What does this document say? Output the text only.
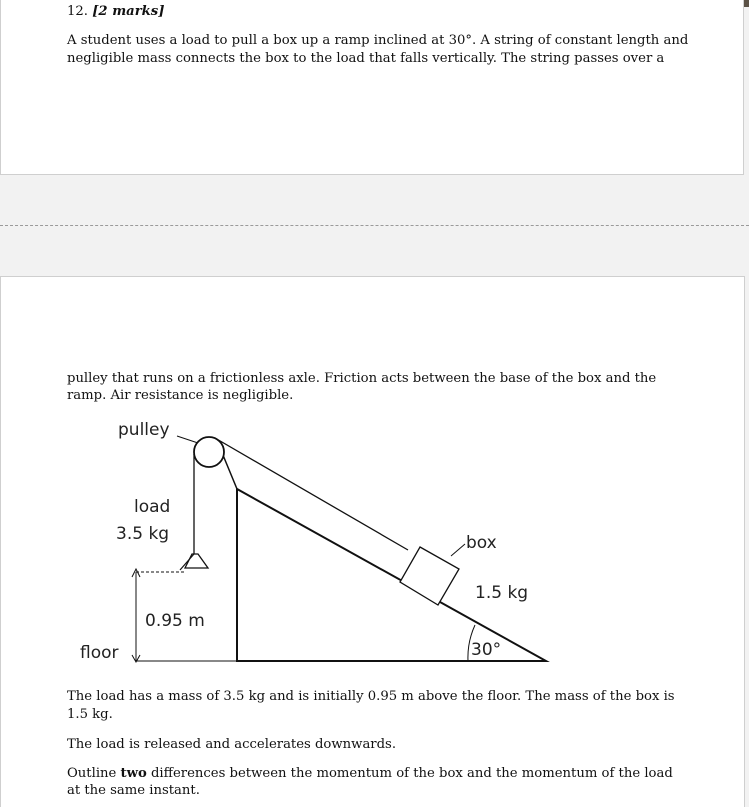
12. [2 marks]
A student uses a load to pull a box up a ramp inclined at 30°. A string of constant length and
negligible mass connects the box to the load that falls vertically. The string passes over a
pulley that runs on a frictionless axle. Friction acts between the base of the box and the
ramp. Air resistance is negligible.
The load has a mass of 3.5 kg and is initially 0.95 m above the floor. The mass of the box is
1.5 kg.
The load is released and accelerates downwards.
Outline two differences between the momentum of the box and the momentum of the load
at the same instant.
pulley
load
3.5 kg	box
1.5 kg
0.95 m
floor	30°
